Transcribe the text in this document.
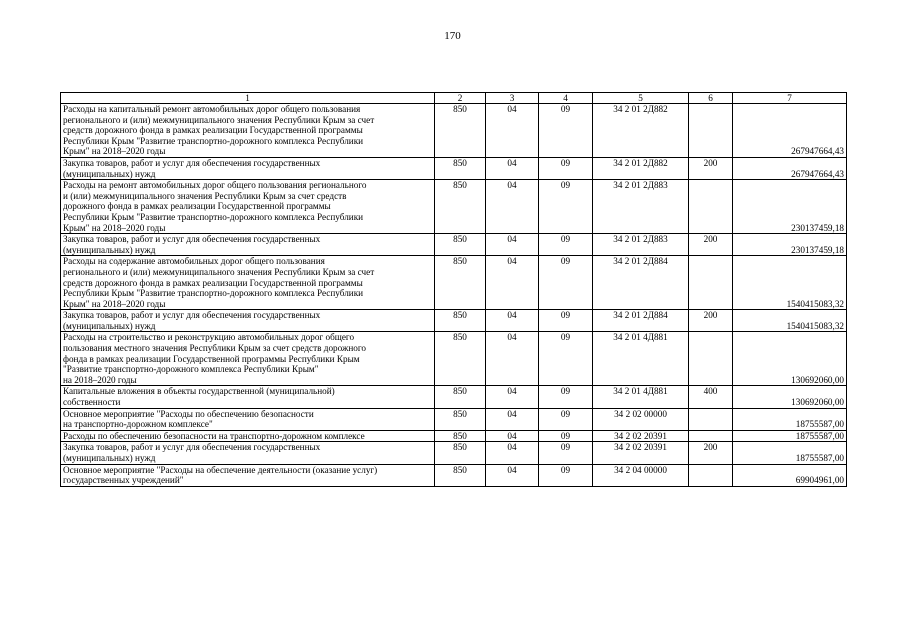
170
1	2	3	4	5	6	7

Расходы на капитальный ремонт автомобильных дорог общего пользования
регионального и (или) межмуниципального значения Республики Крым за счет
средств дорожного фонда в рамках реализации Государственной программы
Республики Крым "Развитие транспортно-дорожного комплекса Республики
Крым" на 2018–2020 годы	850	04	09	34 2 01 2Д882		267947664,43

Закупка товаров, работ и услуг для обеспечения государственных
(муниципальных) нужд	850	04	09	34 2 01 2Д882	200	267947664,43

Расходы на ремонт автомобильных дорог общего пользования регионального
и (или) межмуниципального значения Республики Крым за счет средств
дорожного фонда в рамках реализации Государственной программы
Республики Крым "Развитие транспортно-дорожного комплекса Республики
Крым" на 2018–2020 годы	850	04	09	34 2 01 2Д883		230137459,18

Закупка товаров, работ и услуг для обеспечения государственных
(муниципальных) нужд	850	04	09	34 2 01 2Д883	200	230137459,18

Расходы на содержание автомобильных дорог общего пользования
регионального и (или) межмуниципального значения Республики Крым за счет
средств дорожного фонда в рамках реализации Государственной программы
Республики Крым "Развитие транспортно-дорожного комплекса Республики
Крым" на 2018–2020 годы	850	04	09	34 2 01 2Д884		1540415083,32

Закупка товаров, работ и услуг для обеспечения государственных
(муниципальных) нужд	850	04	09	34 2 01 2Д884	200	1540415083,32

Расходы на строительство и реконструкцию автомобильных дорог общего
пользования местного значения Республики Крым за счет средств дорожного
фонда в рамках реализации Государственной программы Республики Крым
"Развитие транспортно-дорожного комплекса Республики Крым"
на 2018–2020 годы	850	04	09	34 2 01 4Д881		130692060,00

Капитальные вложения в объекты государственной (муниципальной)
собственности	850	04	09	34 2 01 4Д881	400	130692060,00

Основное мероприятие "Расходы по обеспечению безопасности
на транспортно-дорожном комплексе"	850	04	09	34 2 02 00000		18755587,00

Расходы по обеспечению безопасности на транспортно-дорожном комплексе	850	04	09	34 2 02 20391		18755587,00

Закупка товаров, работ и услуг для обеспечения государственных
(муниципальных) нужд	850	04	09	34 2 02 20391	200	18755587,00

Основное мероприятие "Расходы на обеспечение деятельности (оказание услуг)
государственных учреждений"	850	04	09	34 2 04 00000		69904961,00
